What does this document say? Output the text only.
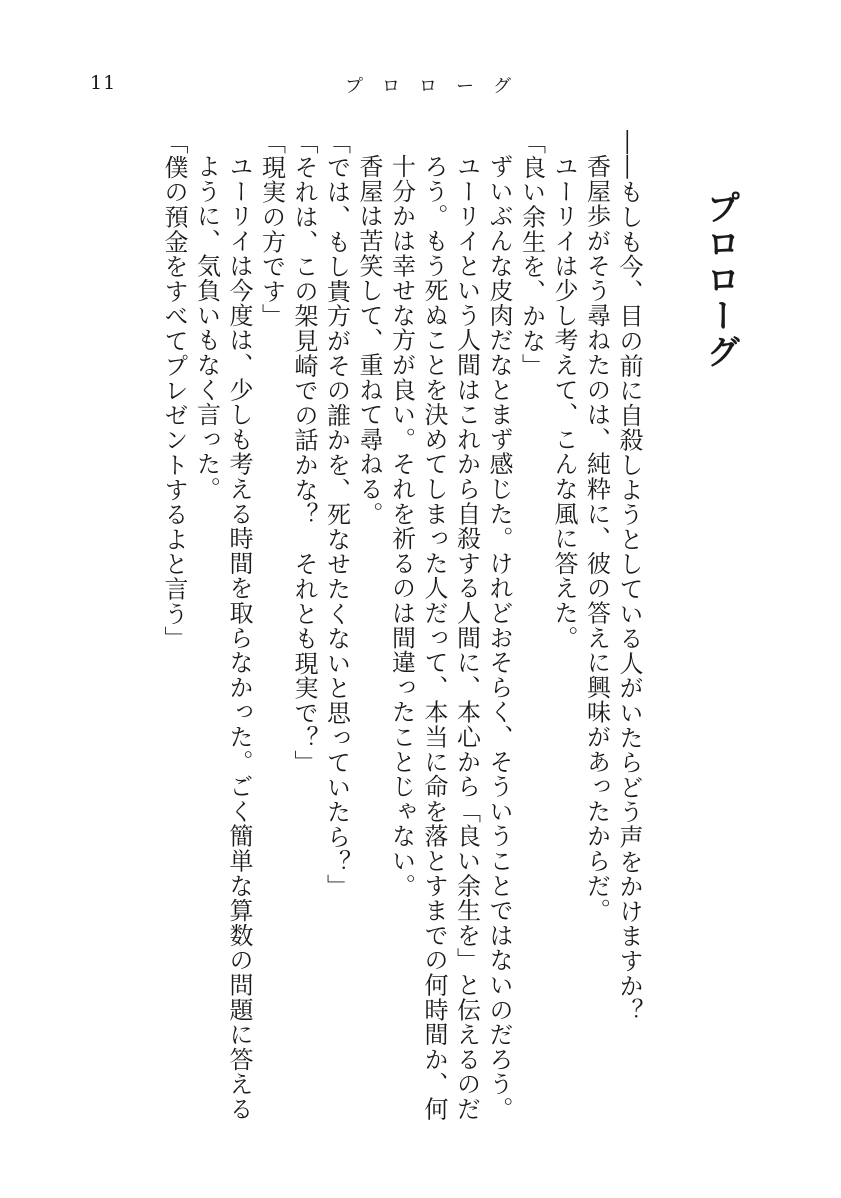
11	プロローグ
プロローグ

――もしも今、目の前に自殺しようとしている人がいたらどう声をかけますか？

香屋歩がそう尋ねたのは、純粋に、彼の答えに興味があったからだ。

ユーリイは少し考えて、こんな風に答えた。

「良い余生を、かな」

ずいぶんな皮肉だなとまず感じた。けれどおそらく、そういうことではないのだろう。ユーリイという人間はこれから自殺する人間に、本心から「良い余生を」と伝えるのだろう。もう死ぬことを決めてしまった人だって、本当に命を落とすまでの何時間か、何十分かは幸せな方が良い。それを祈るのは間違ったことじゃない。

香屋は苦笑して、重ねて尋ねる。

「では、もし貴方がその誰かを、死なせたくないと思っていたら？」

「それは、この架見崎での話かな？　それとも現実で？」

「現実の方です」

ユーリイは今度は、少しも考える時間を取らなかった。ごく簡単な算数の問題に答えるように、気負いもなく言った。

「僕の預金をすべてプレゼントするよと言う」
